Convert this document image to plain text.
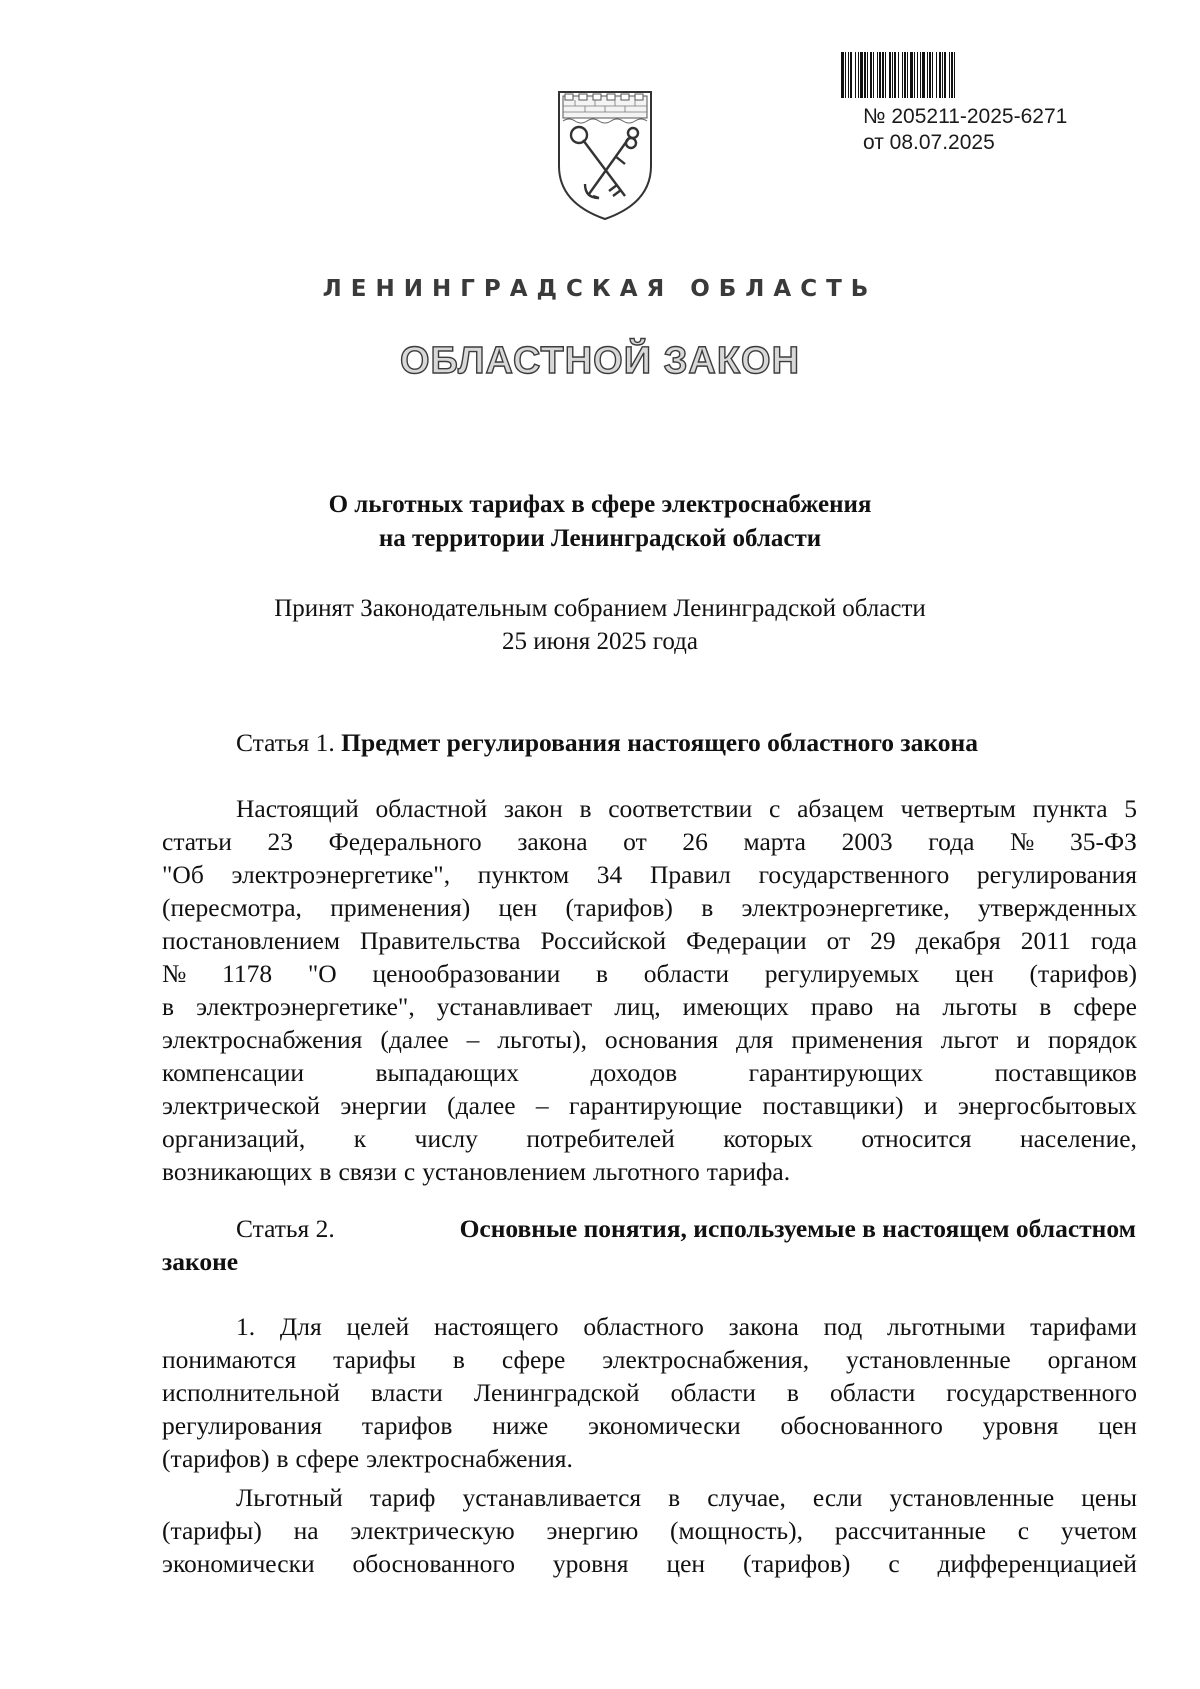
№ 205211-2025-6271
от 08.07.2025
ЛЕНИНГРАДСКАЯ ОБЛАСТЬ
ОБЛАСТНОЙ ЗАКОН
О льготных тарифах в сфере электроснабжения
на территории Ленинградской области
Принят Законодательным собранием Ленинградской области
25 июня 2025 года
Статья 1. Предмет регулирования настоящего областного закона
Настоящий областной закон в соответствии с абзацем четвертым пункта 5
статьи 23 Федерального закона от 26 марта 2003 года № 35-ФЗ
"Об электроэнергетике", пунктом 34 Правил государственного регулирования
(пересмотра, применения) цен (тарифов) в электроэнергетике, утвержденных
постановлением Правительства Российской Федерации от 29 декабря 2011 года
№ 1178 "О ценообразовании в области регулируемых цен (тарифов)
в электроэнергетике", устанавливает лиц, имеющих право на льготы в сфере
электроснабжения (далее – льготы), основания для применения льгот и порядок
компенсации	выпадающих	доходов	гарантирующих	поставщиков
электрической энергии (далее – гарантирующие поставщики) и энергосбытовых
организаций, к числу потребителей которых относится население,
возникающих в связи с установлением льготного тарифа.
Статья 2.	Основные понятия, используемые в настоящем областном
законе
1. Для целей настоящего областного закона под льготными тарифами
понимаются тарифы в сфере электроснабжения, установленные органом
исполнительной власти Ленинградской области в области государственного
регулирования тарифов ниже экономически обоснованного уровня цен
(тарифов) в сфере электроснабжения.
Льготный тариф устанавливается в случае, если установленные цены
(тарифы) на электрическую энергию (мощность), рассчитанные с учетом
экономически обоснованного уровня цен (тарифов) с дифференциацией
